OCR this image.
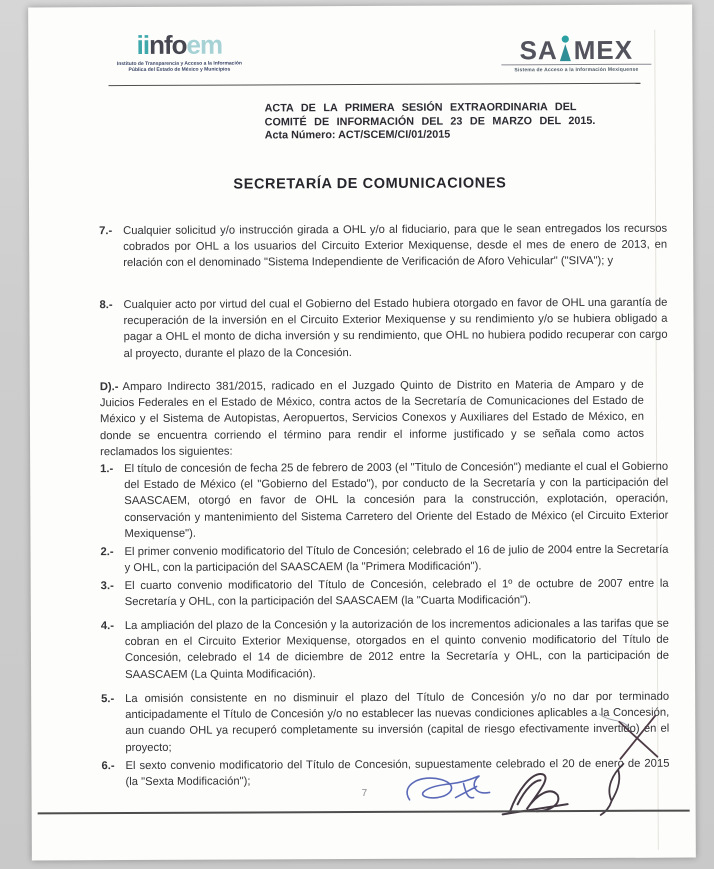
iinfoem
Instituto de Transparencia y Acceso a la Información
Pública del Estado de México y Municipios
SA MEX
Sistema de Acceso a la Información Mexiquense
ACTA DE LA PRIMERA SESIÓN EXTRAORDINARIA DEL
COMITÉ DE INFORMACIÓN DEL 23 DE MARZO DEL 2015.
Acta Número: ACT/SCEM/CI/01/2015
SECRETARÍA DE COMUNICACIONES
7.- Cualquier solicitud y/o instrucción girada a OHL y/o al fiduciario, para que le sean entregados los recursos cobrados por OHL a los usuarios del Circuito Exterior Mexiquense, desde el mes de enero de 2013, en relación con el denominado "Sistema Independiente de Verificación de Aforo Vehicular" ("SIVA"); y
8.- Cualquier acto por virtud del cual el Gobierno del Estado hubiera otorgado en favor de OHL una garantía de recuperación de la inversión en el Circuito Exterior Mexiquense y su rendimiento y/o se hubiera obligado a pagar a OHL el monto de dicha inversión y su rendimiento, que OHL no hubiera podido recuperar con cargo al proyecto, durante el plazo de la Concesión.
D).- Amparo Indirecto 381/2015, radicado en el Juzgado Quinto de Distrito en Materia de Amparo y de Juicios Federales en el Estado de México, contra actos de la Secretaría de Comunicaciones del Estado de México y el Sistema de Autopistas, Aeropuertos, Servicios Conexos y Auxiliares del Estado de México, en donde se encuentra corriendo el término para rendir el informe justificado y se señala como actos reclamados los siguientes:
1.- El título de concesión de fecha 25 de febrero de 2003 (el "Titulo de Concesión") mediante el cual el Gobierno del Estado de México (el "Gobierno del Estado"), por conducto de la Secretaría y con la participación del SAASCAEM, otorgó en favor de OHL la concesión para la construcción, explotación, operación, conservación y mantenimiento del Sistema Carretero del Oriente del Estado de México (el Circuito Exterior Mexiquense").
2.- El primer convenio modificatorio del Título de Concesión; celebrado el 16 de julio de 2004 entre la Secretaría y OHL, con la participación del SAASCAEM (la "Primera Modificación").
3.- El cuarto convenio modificatorio del Título de Concesión, celebrado el 1º de octubre de 2007 entre la Secretaría y OHL, con la participación del SAASCAEM (la "Cuarta Modificación").
4.- La ampliación del plazo de la Concesión y la autorización de los incrementos adicionales a las tarifas que se cobran en el Circuito Exterior Mexiquense, otorgados en el quinto convenio modificatorio del Título de Concesión, celebrado el 14 de diciembre de 2012 entre la Secretaría y OHL, con la participación de SAASCAEM (La Quinta Modificación).
5.- La omisión consistente en no disminuir el plazo del Título de Concesión y/o no dar por terminado anticipadamente el Título de Concesión y/o no establecer las nuevas condiciones aplicables a la Concesión, aun cuando OHL ya recuperó completamente su inversión (capital de riesgo efectivamente invertido) en el proyecto;
6.- El sexto convenio modificatorio del Título de Concesión, supuestamente celebrado el 20 de enero de 2015 (la "Sexta Modificación");
7
